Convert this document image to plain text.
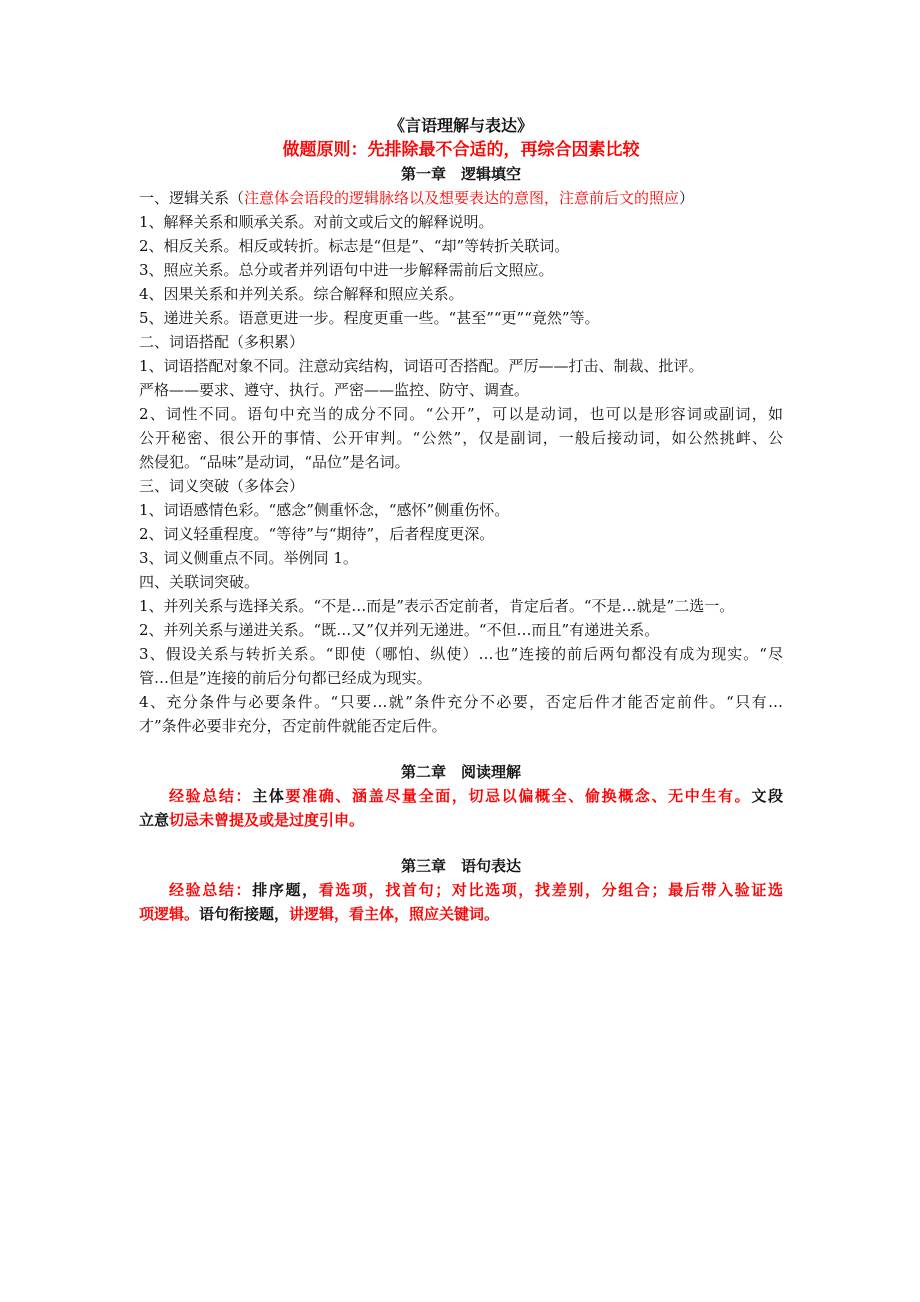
《言语理解与表达》
做题原则：先排除最不合适的，再综合因素比较
第一章　逻辑填空
一、逻辑关系（注意体会语段的逻辑脉络以及想要表达的意图，注意前后文的照应）
1、解释关系和顺承关系。对前文或后文的解释说明。
2、相反关系。相反或转折。标志是“但是”、“却”等转折关联词。
3、照应关系。总分或者并列语句中进一步解释需前后文照应。
4、因果关系和并列关系。综合解释和照应关系。
5、递进关系。语意更进一步。程度更重一些。“甚至”“更”“竟然”等。
二、词语搭配（多积累）
1、词语搭配对象不同。注意动宾结构，词语可否搭配。严厉——打击、制裁、批评。
严格——要求、遵守、执行。严密——监控、防守、调查。
2、词性不同。语句中充当的成分不同。“公开”，可以是动词，也可以是形容词或副词，如
公开秘密、很公开的事情、公开审判。“公然”，仅是副词，一般后接动词，如公然挑衅、公
然侵犯。“品味”是动词，“品位”是名词。
三、词义突破（多体会）
1、词语感情色彩。“感念”侧重怀念，“感怀”侧重伤怀。
2、词义轻重程度。“等待”与“期待”，后者程度更深。
3、词义侧重点不同。举例同 1。
四、关联词突破。
1、并列关系与选择关系。“不是…而是”表示否定前者，肯定后者。“不是…就是”二选一。
2、并列关系与递进关系。“既…又”仅并列无递进。“不但…而且”有递进关系。
3、假设关系与转折关系。“即使（哪怕、纵使）…也”连接的前后两句都没有成为现实。“尽
管…但是”连接的前后分句都已经成为现实。
4、充分条件与必要条件。“只要…就”条件充分不必要，否定后件才能否定前件。“只有…
才”条件必要非充分，否定前件就能否定后件。
第二章　阅读理解
经验总结：主体要准确、涵盖尽量全面，切忌以偏概全、偷换概念、无中生有。文段
立意切忌未曾提及或是过度引申。
第三章　语句表达
经验总结：排序题，看选项，找首句；对比选项，找差别，分组合；最后带入验证选
项逻辑。语句衔接题，讲逻辑，看主体，照应关键词。
